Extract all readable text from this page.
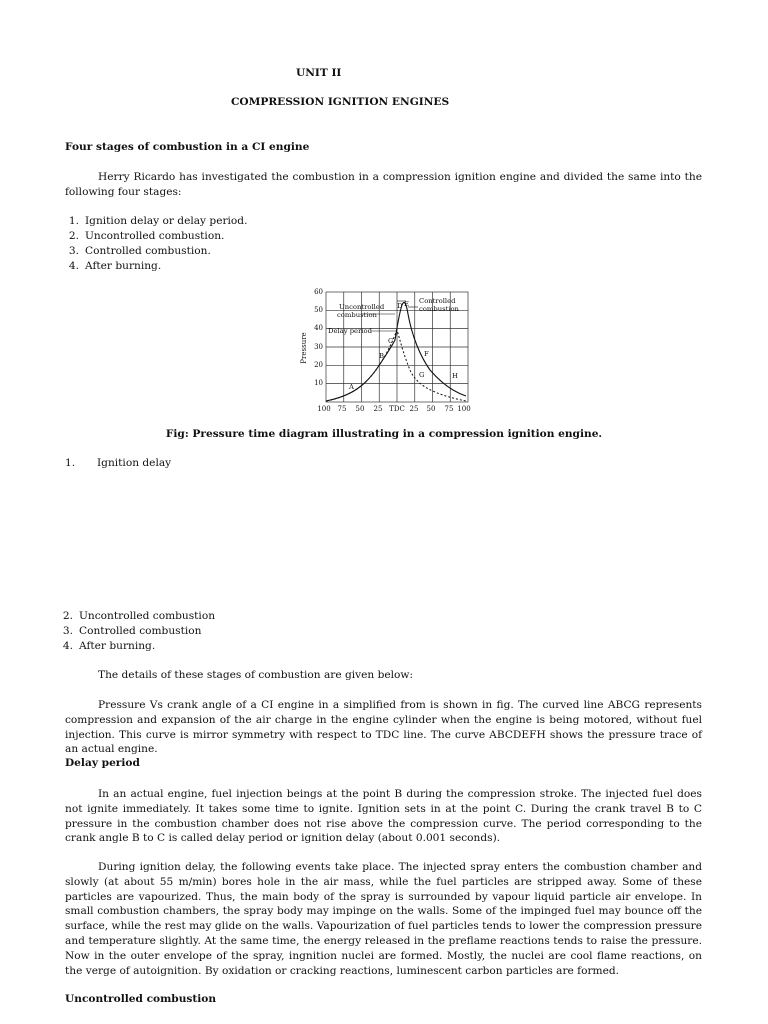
UNIT II
COMPRESSION IGNITION ENGINES
Four stages of combustion in a CI engine
Herry Ricardo has investigated the combustion in a compression ignition engine and divided the same into the following four stages:
1. Ignition delay or delay period.
2. Uncontrolled combustion.
3. Controlled combustion.
4. After burning.
60
50
40
30
20
10
Pressure
100 75 50 25 TDC 25 50 75 100
Uncontrolled
combustion
Controlled
combustion
Delay period
A
B
C
D E
F
G	H
Fig: Pressure time diagram illustrating in a compression ignition engine.
1. Ignition delay
2. Uncontrolled combustion
3. Controlled combustion
4. After burning.
The details of these stages of combustion are given below:
Pressure Vs crank angle of a CI engine in a simplified from is shown in fig. The curved line ABCG represents compression and expansion of the air charge in the engine cylinder when the engine is being motored, without fuel injection. This curve is mirror symmetry with respect to TDC line. The curve ABCDEFH shows the pressure trace of an actual engine.
Delay period
In an actual engine, fuel injection beings at the point B during the compression stroke. The injected fuel does not ignite immediately. It takes some time to ignite. Ignition sets in at the point C. During the crank travel B to C pressure in the combustion chamber does not rise above the compression curve. The period corresponding to the crank angle B to C is called delay period or ignition delay (about 0.001 seconds).
During ignition delay, the following events take place. The injected spray enters the combustion chamber and slowly (at about 55 m/min) bores hole in the air mass, while the fuel particles are stripped away. Some of these particles are vapourized. Thus, the main body of the spray is surrounded by vapour liquid particle air envelope. In small combustion chambers, the spray body may impinge on the walls. Some of the impinged fuel may bounce off the surface, while the rest may glide on the walls. Vapourization of fuel particles tends to lower the compression pressure and temperature slightly. At the same time, the energy released in the preflame reactions tends to raise the pressure. Now in the outer envelope of the spray, ingnition nuclei are formed. Mostly, the nuclei are cool flame reactions, on the verge of autoignition. By oxidation or cracking reactions, luminescent carbon particles are formed.
Uncontrolled combustion
